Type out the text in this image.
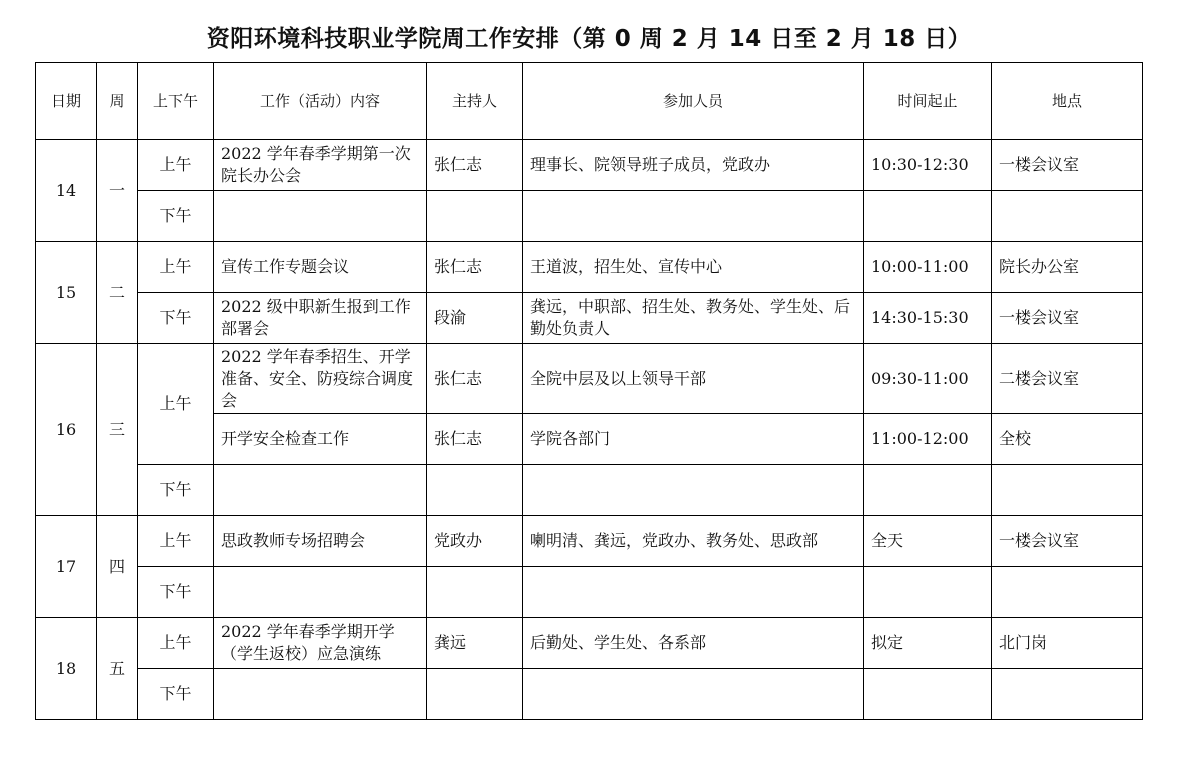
资阳环境科技职业学院周工作安排（第 0 周 2 月 14 日至 2 月 18 日）
日期	周	上下午	工作（活动）内容	主持人	参加人员	时间起止	地点
14	一	上午	2022 学年春季学期第一次院长办公会	张仁志	理事长、院领导班子成员，党政办	10:30-12:30	一楼会议室
		下午					
15	二	上午	宣传工作专题会议	张仁志	王道波，招生处、宣传中心	10:00-11:00	院长办公室
		下午	2022 级中职新生报到工作部署会	段渝	龚远，中职部、招生处、教务处、学生处、后勤处负责人	14:30-15:30	一楼会议室
16	三	上午	2022 学年春季招生、开学准备、安全、防疫综合调度会	张仁志	全院中层及以上领导干部	09:30-11:00	二楼会议室
			开学安全检查工作	张仁志	学院各部门	11:00-12:00	全校
		下午					
17	四	上午	思政教师专场招聘会	党政办	喇明清、龚远，党政办、教务处、思政部	全天	一楼会议室
		下午					
18	五	上午	2022 学年春季学期开学（学生返校）应急演练	龚远	后勤处、学生处、各系部	拟定	北门岗
		下午					
